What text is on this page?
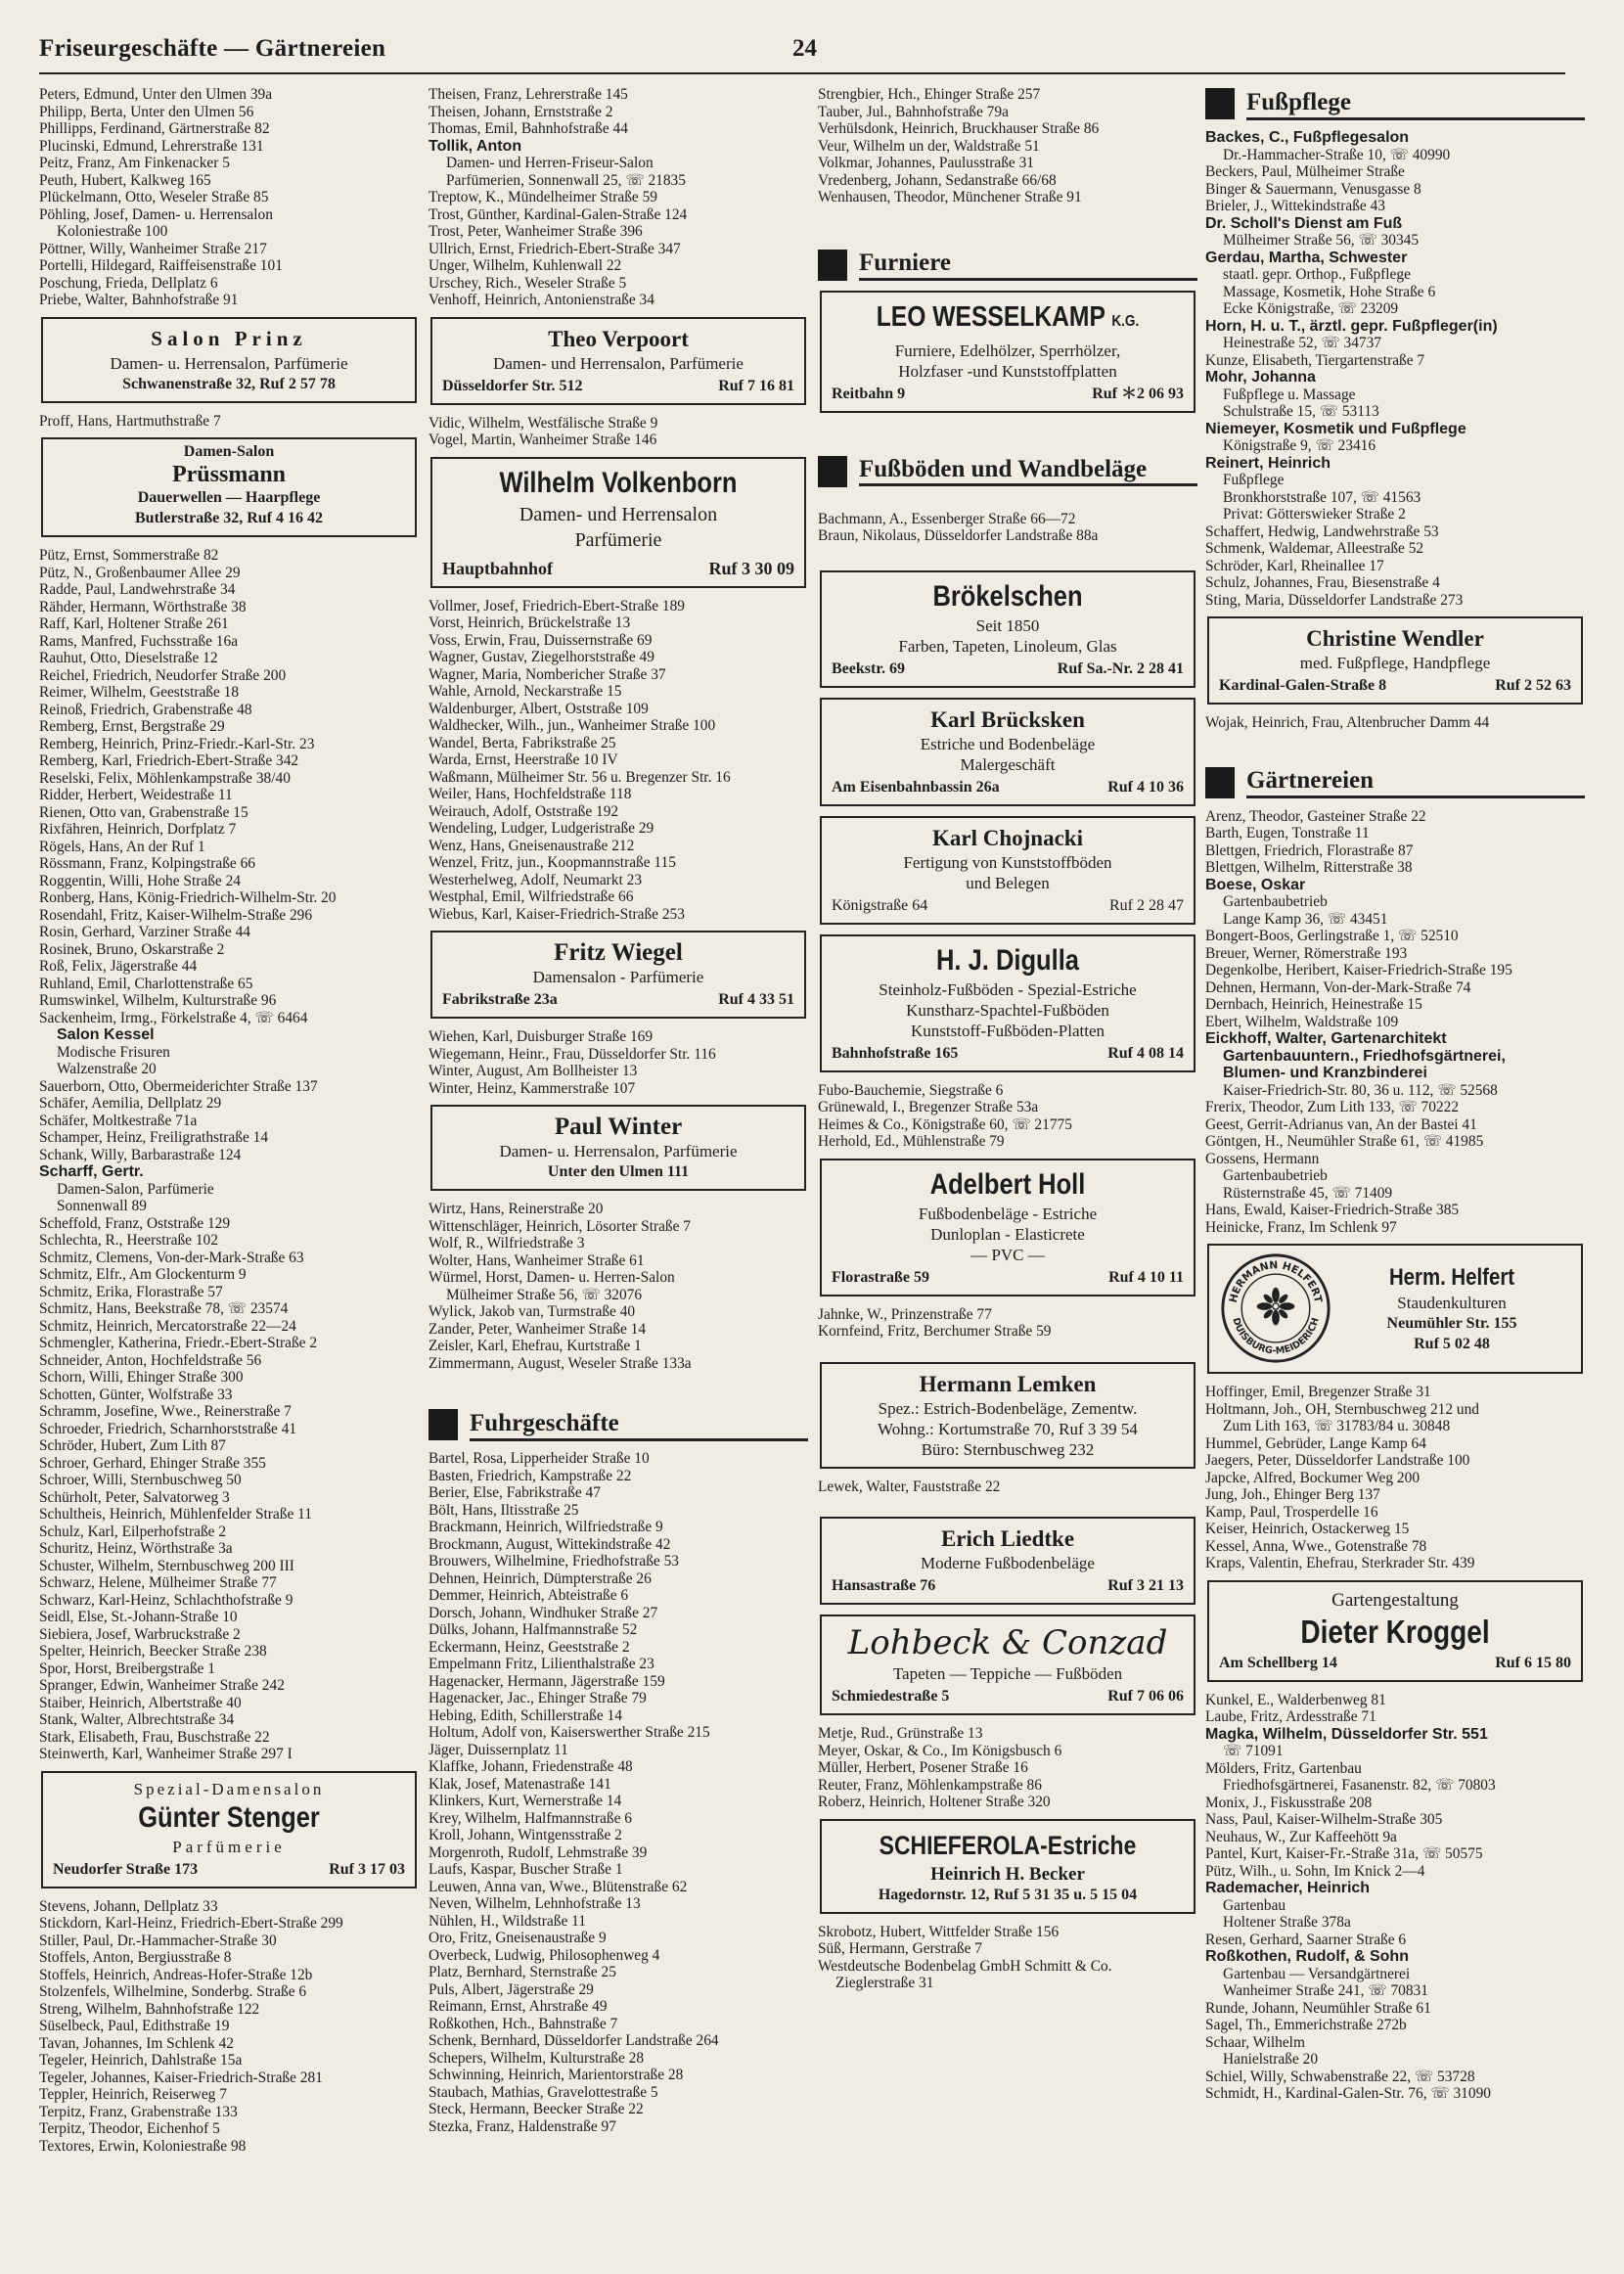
Friseurgeschäfte — Gärtnereien	24
Peters, Edmund, Unter den Ulmen 39a
Philipp, Berta, Unter den Ulmen 56
Phillipps, Ferdinand, Gärtnerstraße 82
Plucinski, Edmund, Lehrerstraße 131
Peitz, Franz, Am Finkenacker 5
Peuth, Hubert, Kalkweg 165
Plückelmann, Otto, Weseler Straße 85
Pöhling, Josef, Damen- u. Herrensalon
Koloniestraße 100
Pöttner, Willy, Wanheimer Straße 217
Portelli, Hildegard, Raiffeisenstraße 101
Poschung, Frieda, Dellplatz 6
Priebe, Walter, Bahnhofstraße 91
Salon Prinz
Damen- u. Herrensalon, Parfümerie
Schwanenstraße 32, Ruf 2 57 78
Proff, Hans, Hartmuthstraße 7
Damen-Salon
Prüssmann
Dauerwellen — Haarpflege
Butlerstraße 32, Ruf 4 16 42
Pütz, Ernst, Sommerstraße 82
Pütz, N., Großenbaumer Allee 29
Radde, Paul, Landwehrstraße 34
Rähder, Hermann, Wörthstraße 38
Raff, Karl, Holtener Straße 261
Rams, Manfred, Fuchsstraße 16a
Rauhut, Otto, Dieselstraße 12
Reichel, Friedrich, Neudorfer Straße 200
Reimer, Wilhelm, Geeststraße 18
Reinoß, Friedrich, Grabenstraße 48
Remberg, Ernst, Bergstraße 29
Remberg, Heinrich, Prinz-Friedr.-Karl-Str. 23
Remberg, Karl, Friedrich-Ebert-Straße 342
Reselski, Felix, Möhlenkampstraße 38/40
Ridder, Herbert, Weidestraße 11
Rienen, Otto van, Grabenstraße 15
Rixfähren, Heinrich, Dorfplatz 7
Rögels, Hans, An der Ruf 1
Rössmann, Franz, Kolpingstraße 66
Roggentin, Willi, Hohe Straße 24
Ronberg, Hans, König-Friedrich-Wilhelm-Str. 20
Rosendahl, Fritz, Kaiser-Wilhelm-Straße 296
Rosin, Gerhard, Varziner Straße 44
Rosinek, Bruno, Oskarstraße 2
Roß, Felix, Jägerstraße 44
Ruhland, Emil, Charlottenstraße 65
Rumswinkel, Wilhelm, Kulturstraße 96
Sackenheim, Irmg., Förkelstraße 4, ☏ 6464
Salon Kessel
Modische Frisuren
Walzenstraße 20
Sauerborn, Otto, Obermeiderichter Straße 137
Schäfer, Aemilia, Dellplatz 29
Schäfer, Moltkestraße 71a
Schamper, Heinz, Freiligrathstraße 14
Schank, Willy, Barbarastraße 124
Scharff, Gertr.
Damen-Salon, Parfümerie
Sonnenwall 89
Scheffold, Franz, Oststraße 129
Schlechta, R., Heerstraße 102
Schmitz, Clemens, Von-der-Mark-Straße 63
Schmitz, Elfr., Am Glockenturm 9
Schmitz, Erika, Florastraße 57
Schmitz, Hans, Beekstraße 78, ☏ 23574
Schmitz, Heinrich, Mercatorstraße 22—24
Schmengler, Katherina, Friedr.-Ebert-Straße 2
Schneider, Anton, Hochfeldstraße 56
Schorn, Willi, Ehinger Straße 300
Schotten, Günter, Wolfstraße 33
Schramm, Josefine, Wwe., Reinerstraße 7
Schroeder, Friedrich, Scharnhorststraße 41
Schröder, Hubert, Zum Lith 87
Schroer, Gerhard, Ehinger Straße 355
Schroer, Willi, Sternbuschweg 50
Schürholt, Peter, Salvatorweg 3
Schultheis, Heinrich, Mühlenfelder Straße 11
Schulz, Karl, Eilperhofstraße 2
Schuritz, Heinz, Wörthstraße 3a
Schuster, Wilhelm, Sternbuschweg 200 III
Schwarz, Helene, Mülheimer Straße 77
Schwarz, Karl-Heinz, Schlachthofstraße 9
Seidl, Else, St.-Johann-Straße 10
Siebiera, Josef, Warbruckstraße 2
Spelter, Heinrich, Beecker Straße 238
Spor, Horst, Breibergstraße 1
Spranger, Edwin, Wanheimer Straße 242
Staiber, Heinrich, Albertstraße 40
Stank, Walter, Albrechtstraße 34
Stark, Elisabeth, Frau, Buschstraße 22
Steinwerth, Karl, Wanheimer Straße 297 I
Spezial-Damensalon
Günter Stenger
Parfümerie
Neudorfer Straße 173	Ruf 3 17 03
Stevens, Johann, Dellplatz 33
Stickdorn, Karl-Heinz, Friedrich-Ebert-Straße 299
Stiller, Paul, Dr.-Hammacher-Straße 30
Stoffels, Anton, Bergiusstraße 8
Stoffels, Heinrich, Andreas-Hofer-Straße 12b
Stolzenfels, Wilhelmine, Sonderbg. Straße 6
Streng, Wilhelm, Bahnhofstraße 122
Süselbeck, Paul, Edithstraße 19
Tavan, Johannes, Im Schlenk 42
Tegeler, Heinrich, Dahlstraße 15a
Tegeler, Johannes, Kaiser-Friedrich-Straße 281
Teppler, Heinrich, Reiserweg 7
Terpitz, Franz, Grabenstraße 133
Terpitz, Theodor, Eichenhof 5
Textores, Erwin, Koloniestraße 98
Theisen, Franz, Lehrerstraße 145
Theisen, Johann, Ernststraße 2
Thomas, Emil, Bahnhofstraße 44
Tollik, Anton
Damen- und Herren-Friseur-Salon
Parfümerien, Sonnenwall 25, ☏ 21835
Treptow, K., Mündelheimer Straße 59
Trost, Günther, Kardinal-Galen-Straße 124
Trost, Peter, Wanheimer Straße 396
Ullrich, Ernst, Friedrich-Ebert-Straße 347
Unger, Wilhelm, Kuhlenwall 22
Urschey, Rich., Weseler Straße 5
Venhoff, Heinrich, Antonienstraße 34
Theo Verpoort
Damen- und Herrensalon, Parfümerie
Düsseldorfer Str. 512	Ruf 7 16 81
Vidic, Wilhelm, Westfälische Straße 9
Vogel, Martin, Wanheimer Straße 146
Wilhelm Volkenborn
Damen- und Herrensalon
Parfümerie
Hauptbahnhof	Ruf 3 30 09
Vollmer, Josef, Friedrich-Ebert-Straße 189
Vorst, Heinrich, Brückelstraße 13
Voss, Erwin, Frau, Duissernstraße 69
Wagner, Gustav, Ziegelhorststraße 49
Wagner, Maria, Nombericher Straße 37
Wahle, Arnold, Neckarstraße 15
Waldenburger, Albert, Oststraße 109
Waldhecker, Wilh., jun., Wanheimer Straße 100
Wandel, Berta, Fabrikstraße 25
Warda, Ernst, Heerstraße 10 IV
Waßmann, Mülheimer Str. 56 u. Bregenzer Str. 16
Weiler, Hans, Hochfeldstraße 118
Weirauch, Adolf, Oststraße 192
Wendeling, Ludger, Ludgeristraße 29
Wenz, Hans, Gneisenaustraße 212
Wenzel, Fritz, jun., Koopmannstraße 115
Westerhelweg, Adolf, Neumarkt 23
Westphal, Emil, Wilfriedstraße 66
Wiebus, Karl, Kaiser-Friedrich-Straße 253
Fritz Wiegel
Damensalon - Parfümerie
Fabrikstraße 23a	Ruf 4 33 51
Wiehen, Karl, Duisburger Straße 169
Wiegemann, Heinr., Frau, Düsseldorfer Str. 116
Winter, August, Am Bollheister 13
Winter, Heinz, Kammerstraße 107
Paul Winter
Damen- u. Herrensalon, Parfümerie
Unter den Ulmen 111
Wirtz, Hans, Reinerstraße 20
Wittenschläger, Heinrich, Lösorter Straße 7
Wolf, R., Wilfriedstraße 3
Wolter, Hans, Wanheimer Straße 61
Würmel, Horst, Damen- u. Herren-Salon
Mülheimer Straße 56, ☏ 32076
Wylick, Jakob van, Turmstraße 40
Zander, Peter, Wanheimer Straße 14
Zeisler, Karl, Ehefrau, Kurtstraße 1
Zimmermann, August, Weseler Straße 133a
Fuhrgeschäfte
Bartel, Rosa, Lipperheider Straße 10
Basten, Friedrich, Kampstraße 22
Berier, Else, Fabrikstraße 47
Bölt, Hans, Iltisstraße 25
Brackmann, Heinrich, Wilfriedstraße 9
Brockmann, August, Wittekindstraße 42
Brouwers, Wilhelmine, Friedhofstraße 53
Dehnen, Heinrich, Dümpterstraße 26
Demmer, Heinrich, Abteistraße 6
Dorsch, Johann, Windhuker Straße 27
Dülks, Johann, Halfmannstraße 52
Eckermann, Heinz, Geeststraße 2
Empelmann Fritz, Lilienthalstraße 23
Hagenacker, Hermann, Jägerstraße 159
Hagenacker, Jac., Ehinger Straße 79
Hebing, Edith, Schillerstraße 14
Holtum, Adolf von, Kaiserswerther Straße 215
Jäger, Duissernplatz 11
Klaffke, Johann, Friedenstraße 48
Klak, Josef, Matenastraße 141
Klinkers, Kurt, Wernerstraße 14
Krey, Wilhelm, Halfmannstraße 6
Kroll, Johann, Wintgensstraße 2
Morgenroth, Rudolf, Lehmstraße 39
Laufs, Kaspar, Buscher Straße 1
Leuwen, Anna van, Wwe., Blütenstraße 62
Neven, Wilhelm, Lehnhofstraße 13
Nühlen, H., Wildstraße 11
Oro, Fritz, Gneisenaustraße 9
Overbeck, Ludwig, Philosophenweg 4
Platz, Bernhard, Sternstraße 25
Puls, Albert, Jägerstraße 29
Reimann, Ernst, Ahrstraße 49
Roßkothen, Hch., Bahnstraße 7
Schenk, Bernhard, Düsseldorfer Landstraße 264
Schepers, Wilhelm, Kulturstraße 28
Schwinning, Heinrich, Marientorstraße 28
Staubach, Mathias, Gravelottestraße 5
Steck, Hermann, Beecker Straße 22
Stezka, Franz, Haldenstraße 97
Strengbier, Hch., Ehinger Straße 257
Tauber, Jul., Bahnhofstraße 79a
Verhülsdonk, Heinrich, Bruckhauser Straße 86
Veur, Wilhelm un der, Waldstraße 51
Volkmar, Johannes, Paulusstraße 31
Vredenberg, Johann, Sedanstraße 66/68
Wenhausen, Theodor, Münchener Straße 91
Furniere
LEO WESSELKAMP K.G.
Furniere, Edelhölzer, Sperrhölzer,
Holzfaser -und Kunststoffplatten
Reitbahn 9	Ruf ＊2 06 93
Fußböden und Wandbeläge
Bachmann, A., Essenberger Straße 66—72
Braun, Nikolaus, Düsseldorfer Landstraße 88a
Brökelschen
Seit 1850
Farben, Tapeten, Linoleum, Glas
Beekstr. 69	Ruf Sa.-Nr. 2 28 41
Karl Brücksken
Estriche und Bodenbeläge
Malergeschäft
Am Eisenbahnbassin 26a	Ruf 4 10 36
Karl Chojnacki
Fertigung von Kunststoffböden
und Belegen
Königstraße 64	Ruf 2 28 47
H. J. Digulla
Steinholz-Fußböden - Spezial-Estriche
Kunstharz-Spachtel-Fußböden
Kunststoff-Fußböden-Platten
Bahnhofstraße 165	Ruf 4 08 14
Fubo-Bauchemie, Siegstraße 6
Grünewald, I., Bregenzer Straße 53a
Heimes & Co., Königstraße 60, ☏ 21775
Herhold, Ed., Mühlenstraße 79
Adelbert Holl
Fußbodenbeläge - Estriche
Dunloplan - Elasticrete
— PVC —
Florastraße 59	Ruf 4 10 11
Jahnke, W., Prinzenstraße 77
Kornfeind, Fritz, Berchumer Straße 59
Hermann Lemken
Spez.: Estrich-Bodenbeläge, Zementw.
Wohng.: Kortumstraße 70, Ruf 3 39 54
Büro: Sternbuschweg 232
Lewek, Walter, Fauststraße 22
Erich Liedtke
Moderne Fußbodenbeläge
Hansastraße 76	Ruf 3 21 13
Lohbeck & Conzad
Tapeten — Teppiche — Fußböden
Schmiedestraße 5	Ruf 7 06 06
Metje, Rud., Grünstraße 13
Meyer, Oskar, & Co., Im Königsbusch 6
Müller, Herbert, Posener Straße 16
Reuter, Franz, Möhlenkampstraße 86
Roberz, Heinrich, Holtener Straße 320
SCHIEFEROLA-Estriche
Heinrich H. Becker
Hagedornstr. 12, Ruf 5 31 35 u. 5 15 04
Skrobotz, Hubert, Wittfelder Straße 156
Süß, Hermann, Gerstraße 7
Westdeutsche Bodenbelag GmbH Schmitt & Co.
Zieglerstraße 31
Fußpflege
Backes, C., Fußpflegesalon
Dr.-Hammacher-Straße 10, ☏ 40990
Beckers, Paul, Mülheimer Straße
Binger & Sauermann, Venusgasse 8
Brieler, J., Wittekindstraße 43
Dr. Scholl's Dienst am Fuß
Mülheimer Straße 56, ☏ 30345
Gerdau, Martha, Schwester
staatl. gepr. Orthop., Fußpflege
Massage, Kosmetik, Hohe Straße 6
Ecke Königstraße, ☏ 23209
Horn, H. u. T., ärztl. gepr. Fußpfleger(in)
Heinestraße 52, ☏ 34737
Kunze, Elisabeth, Tiergartenstraße 7
Mohr, Johanna
Fußpflege u. Massage
Schulstraße 15, ☏ 53113
Niemeyer, Kosmetik und Fußpflege
Königstraße 9, ☏ 23416
Reinert, Heinrich
Fußpflege
Bronkhorststraße 107, ☏ 41563
Privat: Götterswieker Straße 2
Schaffert, Hedwig, Landwehrstraße 53
Schmenk, Waldemar, Alleestraße 52
Schröder, Karl, Rheinallee 17
Schulz, Johannes, Frau, Biesenstraße 4
Sting, Maria, Düsseldorfer Landstraße 273
Christine Wendler
med. Fußpflege, Handpflege
Kardinal-Galen-Straße 8	Ruf 2 52 63
Wojak, Heinrich, Frau, Altenbrucher Damm 44
Gärtnereien
Arenz, Theodor, Gasteiner Straße 22
Barth, Eugen, Tonstraße 11
Blettgen, Friedrich, Florastraße 87
Blettgen, Wilhelm, Ritterstraße 38
Boese, Oskar
Gartenbaubetrieb
Lange Kamp 36, ☏ 43451
Bongert-Boos, Gerlingstraße 1, ☏ 52510
Breuer, Werner, Römerstraße 193
Degenkolbe, Heribert, Kaiser-Friedrich-Straße 195
Dehnen, Hermann, Von-der-Mark-Straße 74
Dernbach, Heinrich, Heinestraße 15
Ebert, Wilhelm, Waldstraße 109
Eickhoff, Walter, Gartenarchitekt
Gartenbauuntern., Friedhofsgärtnerei,
Blumen- und Kranzbinderei
Kaiser-Friedrich-Str. 80, 36 u. 112, ☏ 52568
Frerix, Theodor, Zum Lith 133, ☏ 70222
Geest, Gerrit-Adrianus van, An der Bastei 41
Göntgen, H., Neumühler Straße 61, ☏ 41985
Gossens, Hermann
Gartenbaubetrieb
Rüsternstraße 45, ☏ 71409
Hans, Ewald, Kaiser-Friedrich-Straße 385
Heinicke, Franz, Im Schlenk 97
HERMANN HELFERT
DUISBURG-MEIDERICH
Herm. Helfert
Staudenkulturen
Neumühler Str. 155
Ruf 5 02 48
Hoffinger, Emil, Bregenzer Straße 31
Holtmann, Joh., OH, Sternbuschweg 212 und
Zum Lith 163, ☏ 31783/84 u. 30848
Hummel, Gebrüder, Lange Kamp 64
Jaegers, Peter, Düsseldorfer Landstraße 100
Japcke, Alfred, Bockumer Weg 200
Jung, Joh., Ehinger Berg 137
Kamp, Paul, Trosperdelle 16
Keiser, Heinrich, Ostackerweg 15
Kessel, Anna, Wwe., Gotenstraße 78
Kraps, Valentin, Ehefrau, Sterkrader Str. 439
Gartengestaltung
Dieter Kroggel
Am Schellberg 14	Ruf 6 15 80
Kunkel, E., Walderbenweg 81
Laube, Fritz, Ardesstraße 71
Magka, Wilhelm, Düsseldorfer Str. 551
☏ 71091
Mölders, Fritz, Gartenbau
Friedhofsgärtnerei, Fasanenstr. 82, ☏ 70803
Monix, J., Fiskusstraße 208
Nass, Paul, Kaiser-Wilhelm-Straße 305
Neuhaus, W., Zur Kaffeehött 9a
Pantel, Kurt, Kaiser-Fr.-Straße 31a, ☏ 50575
Pütz, Wilh., u. Sohn, Im Knick 2—4
Rademacher, Heinrich
Gartenbau
Holtener Straße 378a
Resen, Gerhard, Saarner Straße 6
Roßkothen, Rudolf, & Sohn
Gartenbau — Versandgärtnerei
Wanheimer Straße 241, ☏ 70831
Runde, Johann, Neumühler Straße 61
Sagel, Th., Emmerichstraße 272b
Schaar, Wilhelm
Hanielstraße 20
Schiel, Willy, Schwabenstraße 22, ☏ 53728
Schmidt, H., Kardinal-Galen-Str. 76, ☏ 31090
